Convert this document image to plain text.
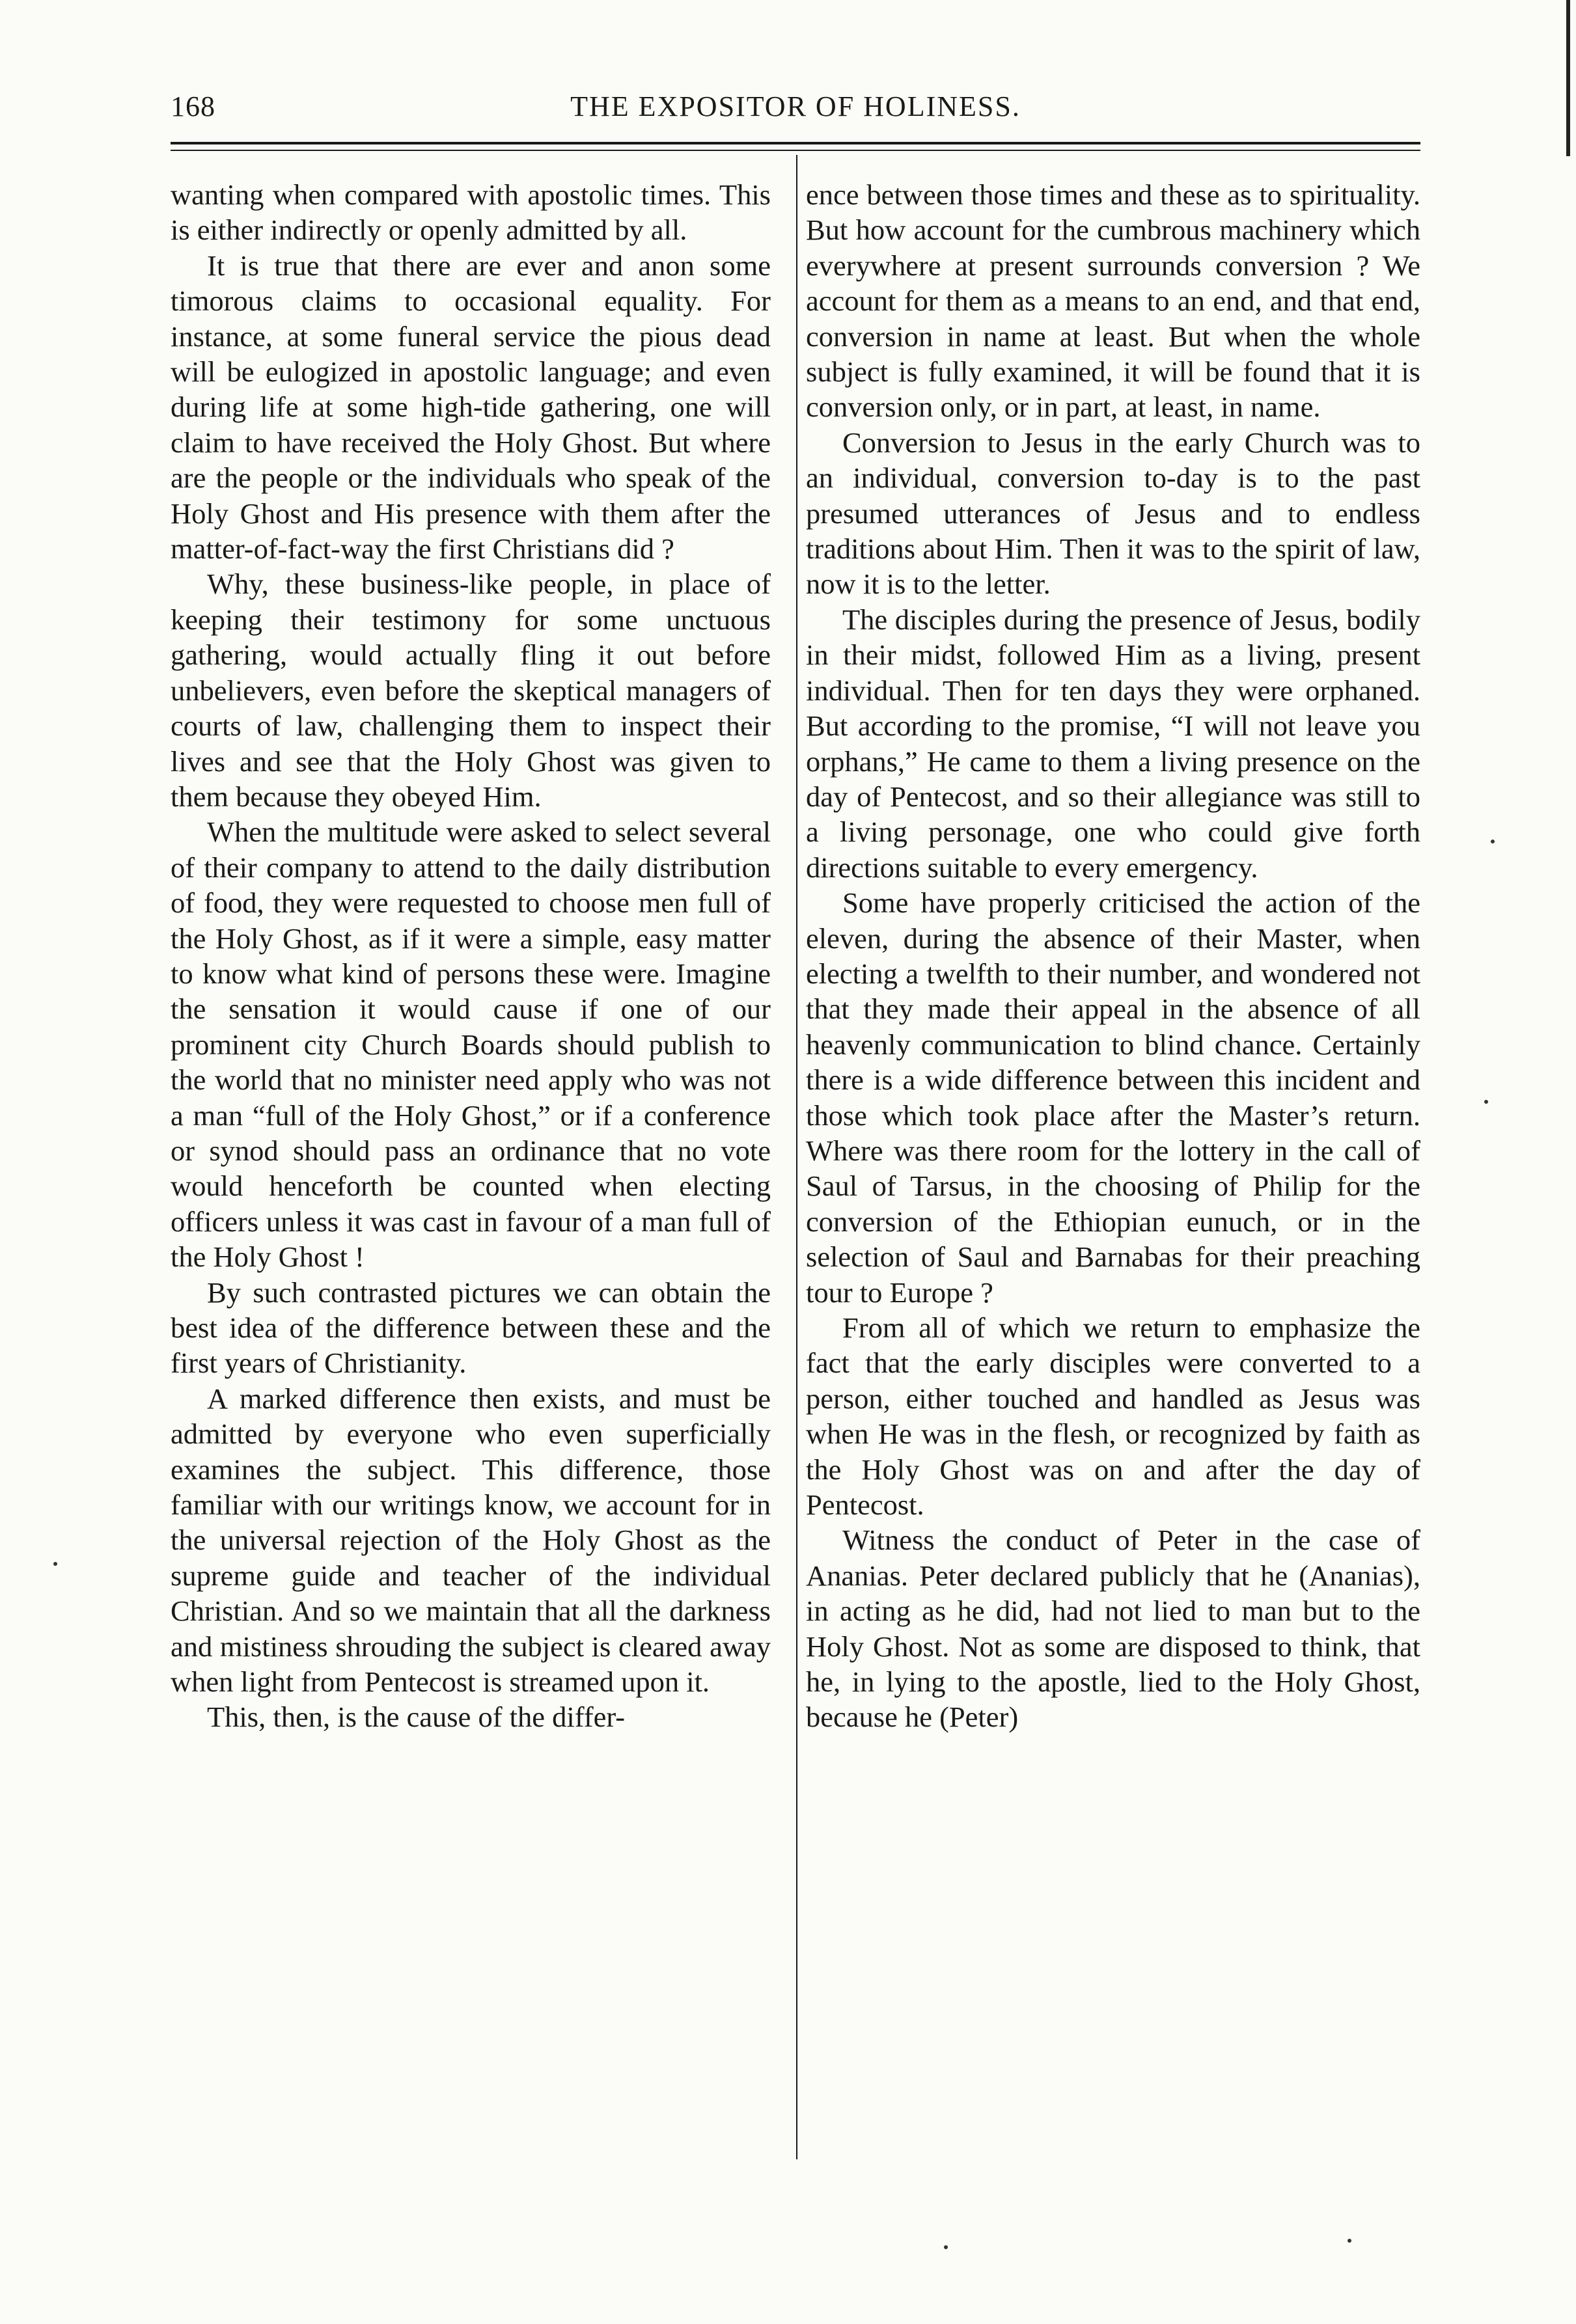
168	THE EXPOSITOR OF HOLINESS.

wanting when compared with apostolic times. This is either indirectly or openly admitted by all.

It is true that there are ever and anon some timorous claims to occasional equality. For instance, at some funeral service the pious dead will be eulogized in apostolic language; and even during life at some high-tide gathering, one will claim to have received the Holy Ghost. But where are the people or the individuals who speak of the Holy Ghost and His presence with them after the matter-of-fact-way the first Christians did ?

Why, these business-like people, in place of keeping their testimony for some unctuous gathering, would actually fling it out before unbelievers, even before the skeptical managers of courts of law, challenging them to inspect their lives and see that the Holy Ghost was given to them because they obeyed Him.

When the multitude were asked to select several of their company to attend to the daily distribution of food, they were requested to choose men full of the Holy Ghost, as if it were a simple, easy matter to know what kind of persons these were. Imagine the sensation it would cause if one of our prominent city Church Boards should publish to the world that no minister need apply who was not a man “full of the Holy Ghost,” or if a conference or synod should pass an ordinance that no vote would henceforth be counted when electing officers unless it was cast in favour of a man full of the Holy Ghost !

By such contrasted pictures we can obtain the best idea of the difference between these and the first years of Christianity.

A marked difference then exists, and must be admitted by everyone who even superficially examines the subject. This difference, those familiar with our writings know, we account for in the universal rejection of the Holy Ghost as the supreme guide and teacher of the individual Christian. And so we maintain that all the darkness and mistiness shrouding the subject is cleared away when light from Pentecost is streamed upon it.

This, then, is the cause of the differ-

ence between those times and these as to spirituality. But how account for the cumbrous machinery which everywhere at present surrounds conversion ? We account for them as a means to an end, and that end, conversion in name at least. But when the whole subject is fully examined, it will be found that it is conversion only, or in part, at least, in name.

Conversion to Jesus in the early Church was to an individual, conversion to-day is to the past presumed utterances of Jesus and to endless traditions about Him. Then it was to the spirit of law, now it is to the letter.

The disciples during the presence of Jesus, bodily in their midst, followed Him as a living, present individual. Then for ten days they were orphaned. But according to the promise, “I will not leave you orphans,” He came to them a living presence on the day of Pentecost, and so their allegiance was still to a living personage, one who could give forth directions suitable to every emergency.

Some have properly criticised the action of the eleven, during the absence of their Master, when electing a twelfth to their number, and wondered not that they made their appeal in the absence of all heavenly communication to blind chance. Certainly there is a wide difference between this incident and those which took place after the Master’s return. Where was there room for the lottery in the call of Saul of Tarsus, in the choosing of Philip for the conversion of the Ethiopian eunuch, or in the selection of Saul and Barnabas for their preaching tour to Europe ?

From all of which we return to emphasize the fact that the early disciples were converted to a person, either touched and handled as Jesus was when He was in the flesh, or recognized by faith as the Holy Ghost was on and after the day of Pentecost.

Witness the conduct of Peter in the case of Ananias. Peter declared publicly that he (Ananias), in acting as he did, had not lied to man but to the Holy Ghost. Not as some are disposed to think, that he, in lying to the apostle, lied to the Holy Ghost, because he (Peter)
